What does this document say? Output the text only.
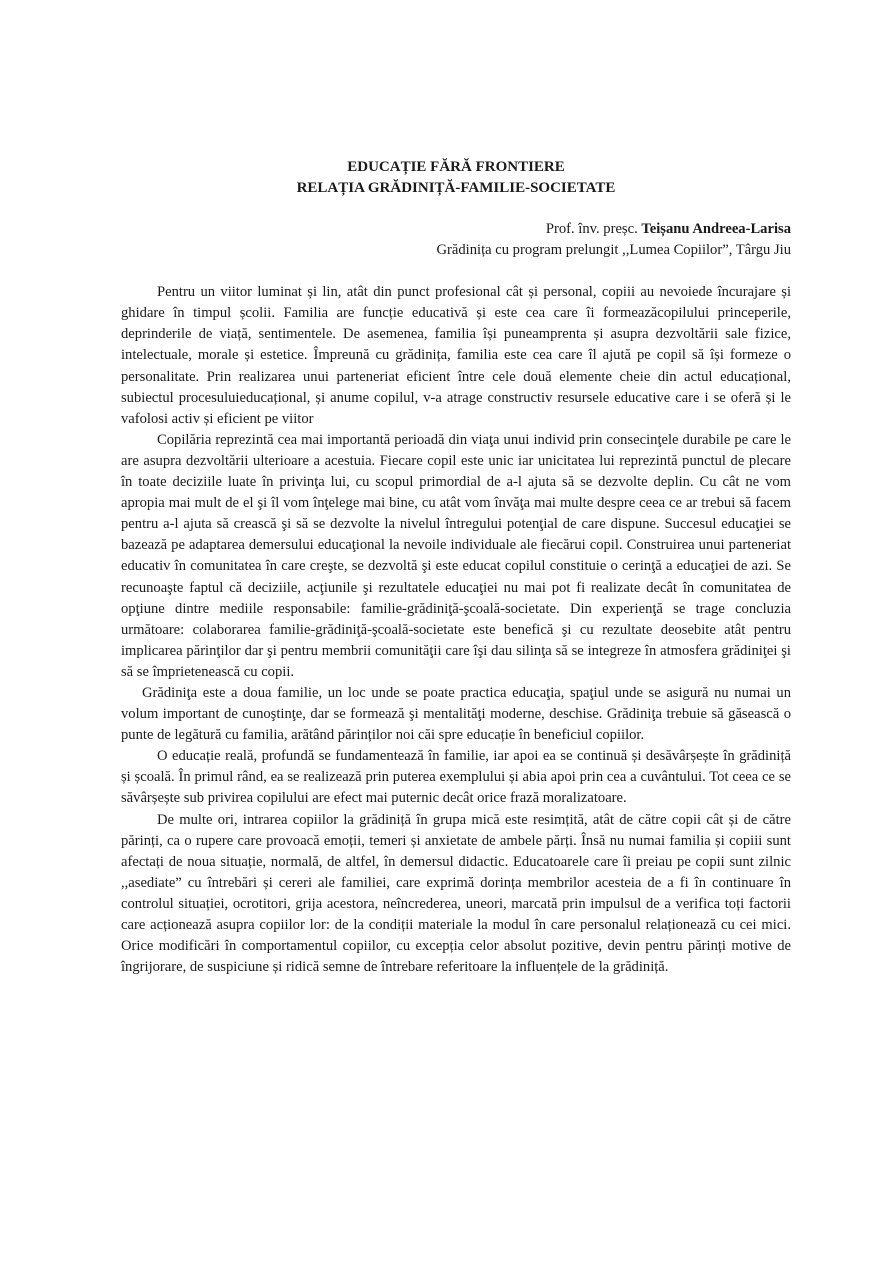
EDUCAȚIE FĂRĂ FRONTIERE

RELAȚIA GRĂDINIȚĂ-FAMILIE-SOCIETATE

Prof. înv. preșc. Teișanu Andreea-Larisa

Grădinița cu program prelungit ,,Lumea Copiilor”, Târgu Jiu

Pentru un viitor luminat și lin, atât din punct profesional cât și personal, copiii au nevoiede încurajare și ghidare în timpul școlii. Familia are funcție educativă și este cea care îi formeazăcopilului princeperile, deprinderile de viață, sentimentele. De asemenea, familia își puneamprenta și asupra dezvoltării sale fizice, intelectuale, morale și estetice. Împreună cu grădinița, familia este cea care îl ajută pe copil să își formeze o personalitate. Prin realizarea unui parteneriat eficient între cele două elemente cheie din actul educațional, subiectul procesuluieducațional, și anume copilul, v-a atrage constructiv resursele educative care i se oferă și le vafolosi activ și eficient pe viitor

Copilăria reprezintă cea mai importantă perioadă din viaţa unui individ prin consecinţele durabile pe care le are asupra dezvoltării ulterioare a acestuia. Fiecare copil este unic iar unicitatea lui reprezintă punctul de plecare în toate deciziile luate în privinţa lui, cu scopul primordial de a-l ajuta să se dezvolte deplin. Cu cât ne vom apropia mai mult de el şi îl vom înţelege mai bine, cu atât vom învăţa mai multe despre ceea ce ar trebui să facem pentru a-l ajuta să crească şi să se dezvolte la nivelul întregului potenţial de care dispune. Succesul educaţiei se bazează pe adaptarea demersului educaţional la nevoile individuale ale fiecărui copil. Construirea unui parteneriat educativ în comunitatea în care creşte, se dezvoltă şi este educat copilul constituie o cerinţă a educaţiei de azi. Se recunoaşte faptul că deciziile, acţiunile şi rezultatele educaţiei nu mai pot fi realizate decât în comunitatea de opţiune dintre mediile responsabile: familie-grădiniţă-şcoală-societate. Din experienţă se trage concluzia următoare: colaborarea familie-grădiniţă-şcoală-societate este benefică şi cu rezultate deosebite atât pentru implicarea părinţilor dar şi pentru membrii comunităţii care îşi dau silinţa să se integreze în atmosfera grădiniţei şi să se împrietenească cu copii.

Grădiniţa este a doua familie, un loc unde se poate practica educaţia, spaţiul unde se asigură nu numai un volum important de cunoştinţe, dar se formează şi mentalităţi moderne, deschise. Grădiniţa trebuie să găsească o punte de legătură cu familia, arătând părinților noi căi spre educație în beneficiul copiilor.

O educație reală, profundă se fundamentează în familie, iar apoi ea se continuă și desăvârșește în grădiniță și școală. În primul rând, ea se realizează prin puterea exemplului și abia apoi prin cea a cuvântului. Tot ceea ce se săvârșește sub privirea copilului are efect mai puternic decât orice frază moralizatoare.

De multe ori, intrarea copiilor la grădiniță în grupa mică este resimțită, atât de către copii cât și de către părinți, ca o rupere care provoacă emoții, temeri și anxietate de ambele părți. Însă nu numai familia și copiii sunt afectați de noua situație, normală, de altfel, în demersul didactic. Educatoarele care îi preiau pe copii sunt zilnic ,,asediate” cu întrebări și cereri ale familiei, care exprimă dorința membrilor acesteia de a fi în continuare în controlul situației, ocrotitori, grija acestora, neîncrederea, uneori, marcată prin impulsul de a verifica toți factorii care acționează asupra copiilor lor: de la condiții materiale la modul în care personalul relaționează cu cei mici. Orice modificări în comportamentul copiilor, cu excepția celor absolut pozitive, devin pentru părinți motive de îngrijorare, de suspiciune și ridică semne de întrebare referitoare la influențele de la grădiniță.
